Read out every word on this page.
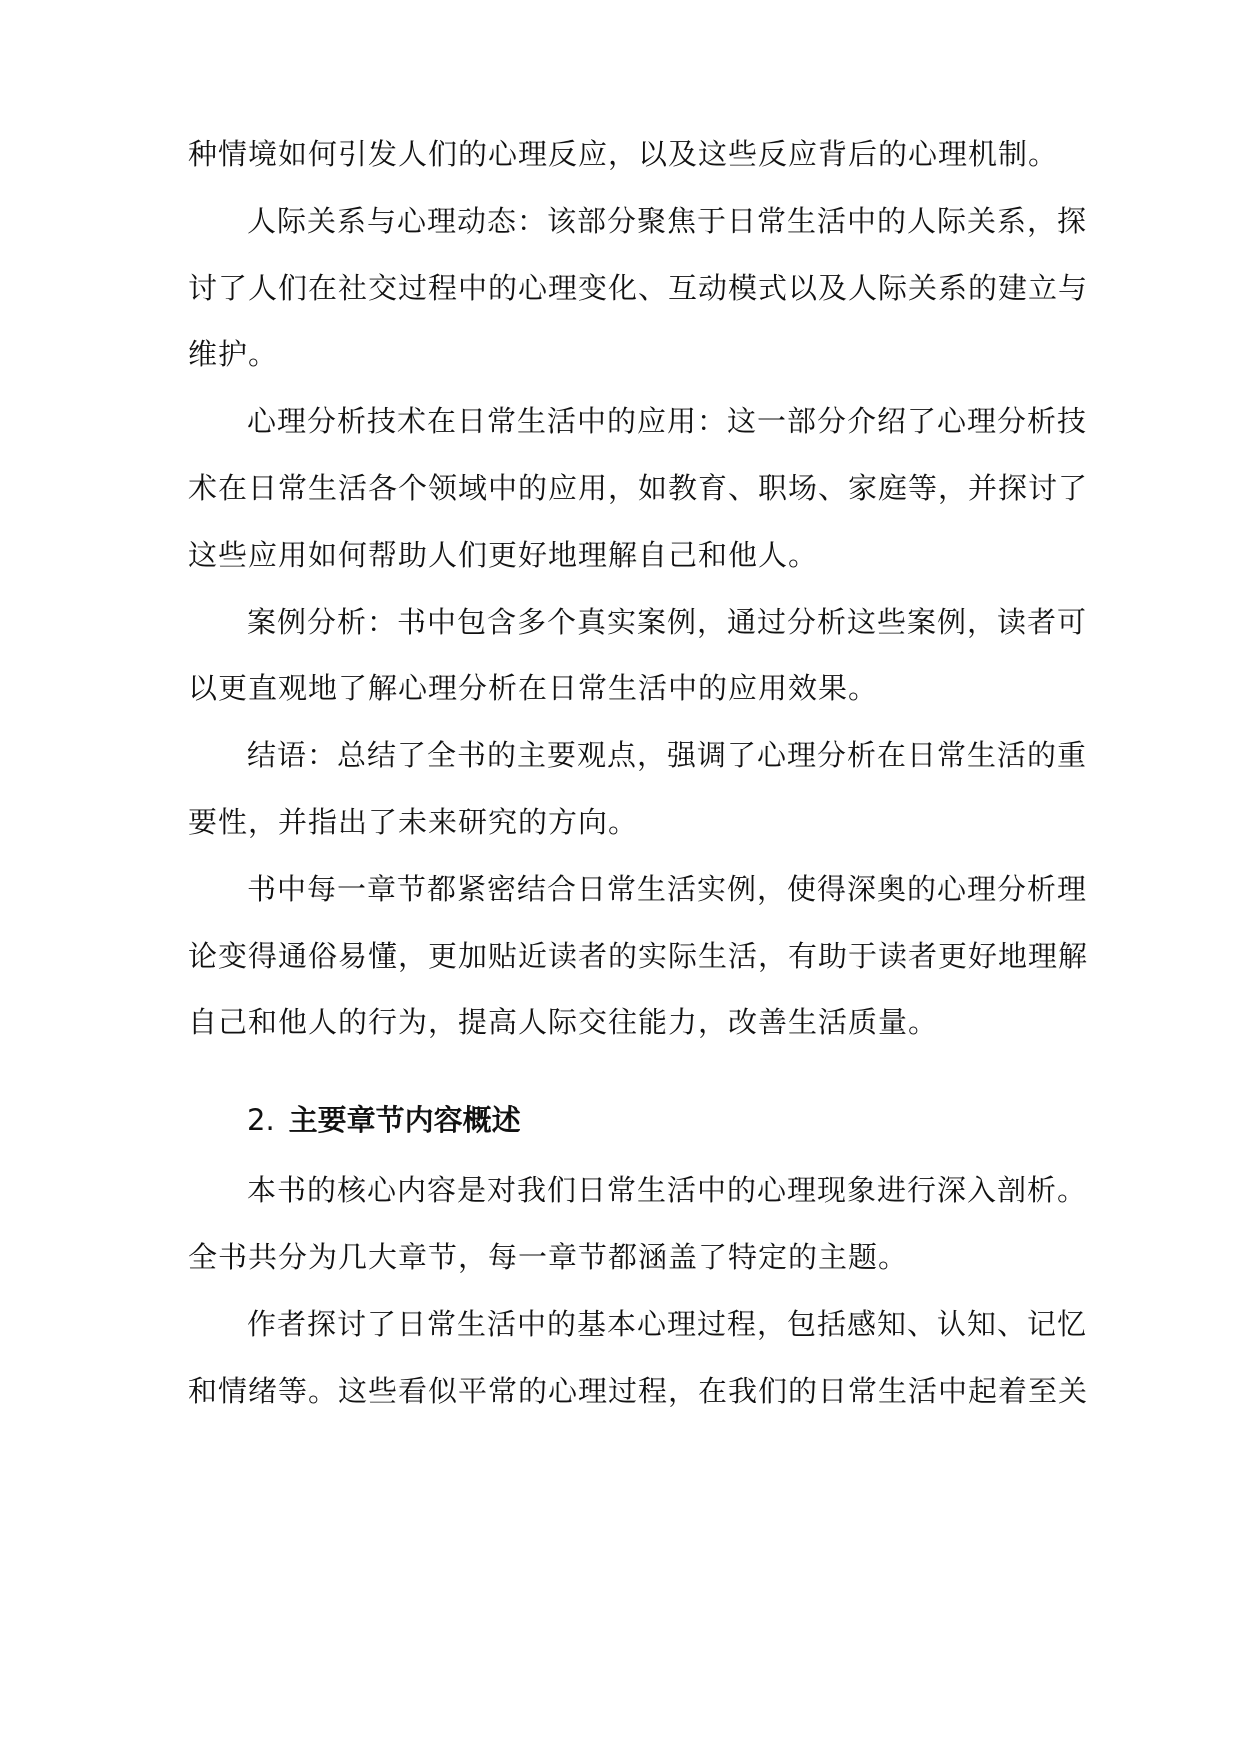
种情境如何引发人们的心理反应，以及这些反应背后的心理机制。
人际关系与心理动态：该部分聚焦于日常生活中的人际关系，探
讨了人们在社交过程中的心理变化、互动模式以及人际关系的建立与
维护。
心理分析技术在日常生活中的应用：这一部分介绍了心理分析技
术在日常生活各个领域中的应用，如教育、职场、家庭等，并探讨了
这些应用如何帮助人们更好地理解自己和他人。
案例分析：书中包含多个真实案例，通过分析这些案例，读者可
以更直观地了解心理分析在日常生活中的应用效果。
结语：总结了全书的主要观点，强调了心理分析在日常生活的重
要性，并指出了未来研究的方向。
书中每一章节都紧密结合日常生活实例，使得深奥的心理分析理
论变得通俗易懂，更加贴近读者的实际生活，有助于读者更好地理解
自己和他人的行为，提高人际交往能力，改善生活质量。
2. 主要章节内容概述
本书的核心内容是对我们日常生活中的心理现象进行深入剖析。
全书共分为几大章节，每一章节都涵盖了特定的主题。
作者探讨了日常生活中的基本心理过程，包括感知、认知、记忆
和情绪等。这些看似平常的心理过程，在我们的日常生活中起着至关
